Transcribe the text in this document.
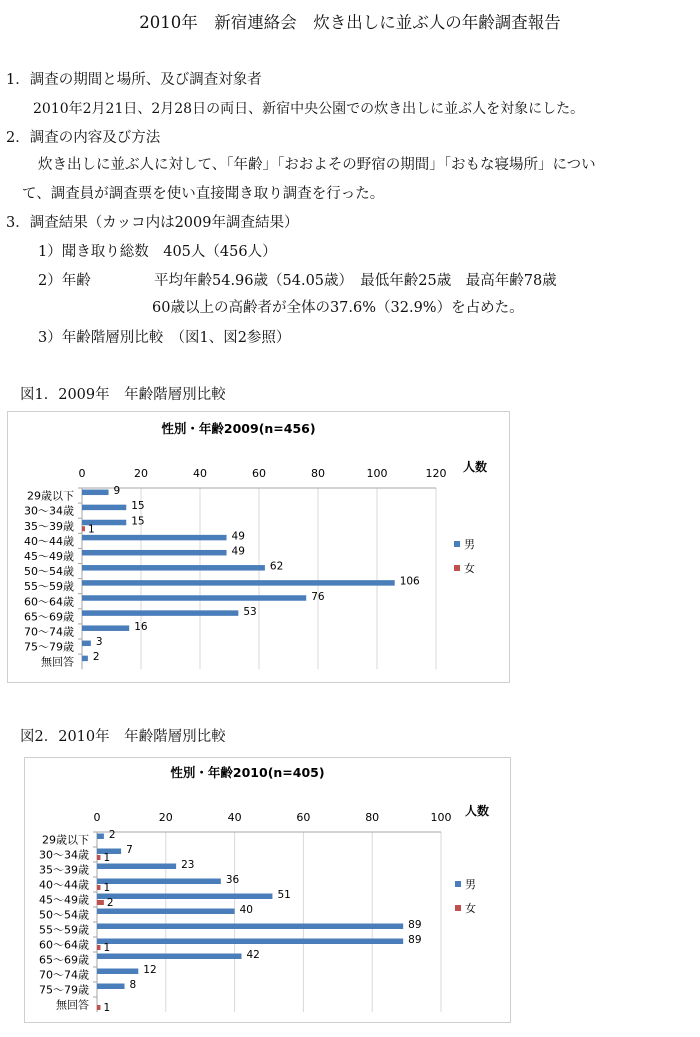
2010年　新宿連絡会　炊き出しに並ぶ人の年齢調査報告
1．調査の期間と場所、及び調査対象者
2010年2月21日、2月28日の両日、新宿中央公園での炊き出しに並ぶ人を対象にした。
2．調査の内容及び方法
炊き出しに並ぶ人に対して、「年齢」「おおよその野宿の期間」「おもな寝場所」につい
て、調査員が調査票を使い直接聞き取り調査を行った。
3．調査結果（カッコ内は2009年調査結果）
1）聞き取り総数　405人（456人）
2）年齢	平均年齢54.96歳（54.05歳）　最低年齢25歳　最高年齢78歳
60歳以上の高齢者が全体の37.6%（32.9%）を占めた。
3）年齢階層別比較　（図1、図2参照）
図1．2009年　年齢階層別比較
性別・年齢2009(n=456)
人数
0	20	40	60	80	100	120
29歳以下	9
30〜34歳	15
35〜39歳	15
1
40〜44歳	49
45〜49歳	49
50〜54歳	62
55〜59歳	106
60〜64歳	76
65〜69歳	53
70〜74歳	16
75〜79歳 3
無回答 2
男
女
図2．2010年　年齢階層別比較
性別・年齢2010(n=405)
人数
0	20	40	60	80	100
29歳以下 2
30〜34歳	7
1
35〜39歳	23
40〜44歳	36
1
45〜49歳	51
2
50〜54歳	40
55〜59歳	89
60〜64歳	89
1
65〜69歳	42
70〜74歳	12
75〜79歳	8
無回答 1
男
女
